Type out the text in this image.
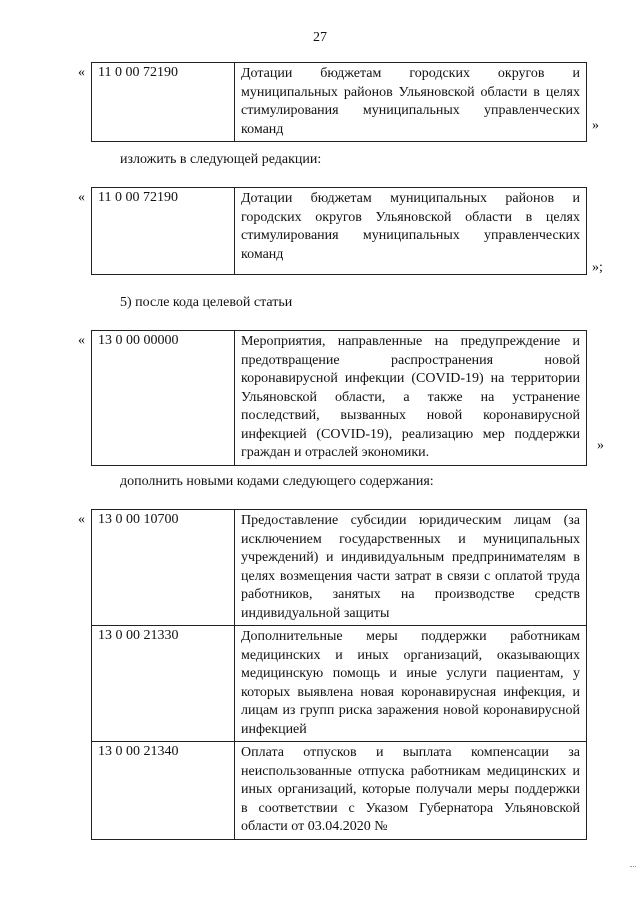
27
« 11 0 00 72190	Дотации бюджетам городских округов и муниципальных районов Ульяновской области в целях стимулирования муниципальных управленческих команд	»
изложить в следующей редакции:
« 11 0 00 72190	Дотации бюджетам муниципальных районов и городских округов Ульяновской области в целях стимулирования муниципальных управленческих команд
»;
5) после кода целевой статьи
« 13 0 00 00000	Мероприятия, направленные на предупреждение и предотвращение распространения новой коронавирусной инфекции (COVID-19) на территории Ульяновской области, а также на устранение последствий, вызванных новой коронавирусной инфекцией (COVID-19), реализацию мер поддержки граждан и отраслей экономики.	»
дополнить новыми кодами следующего содержания:
« 13 0 00 10700	Предоставление субсидии юридическим лицам (за исключением государственных и муниципальных учреждений) и индивидуальным предпринимателям в целях возмещения части затрат в связи с оплатой труда работников, занятых на производстве средств индивидуальной защиты
13 0 00 21330	Дополнительные меры поддержки работникам медицинских и иных организаций, оказывающих медицинскую помощь и иные услуги пациентам, у которых выявлена новая коронавирусная инфекция, и лицам из групп риска заражения новой коронавирусной инфекцией
13 0 00 21340	Оплата отпусков и выплата компенсации за неиспользованные отпуска работникам медицинских и иных организаций, которые получали меры поддержки в соответствии с Указом Губернатора Ульяновской области от 03.04.2020 №
